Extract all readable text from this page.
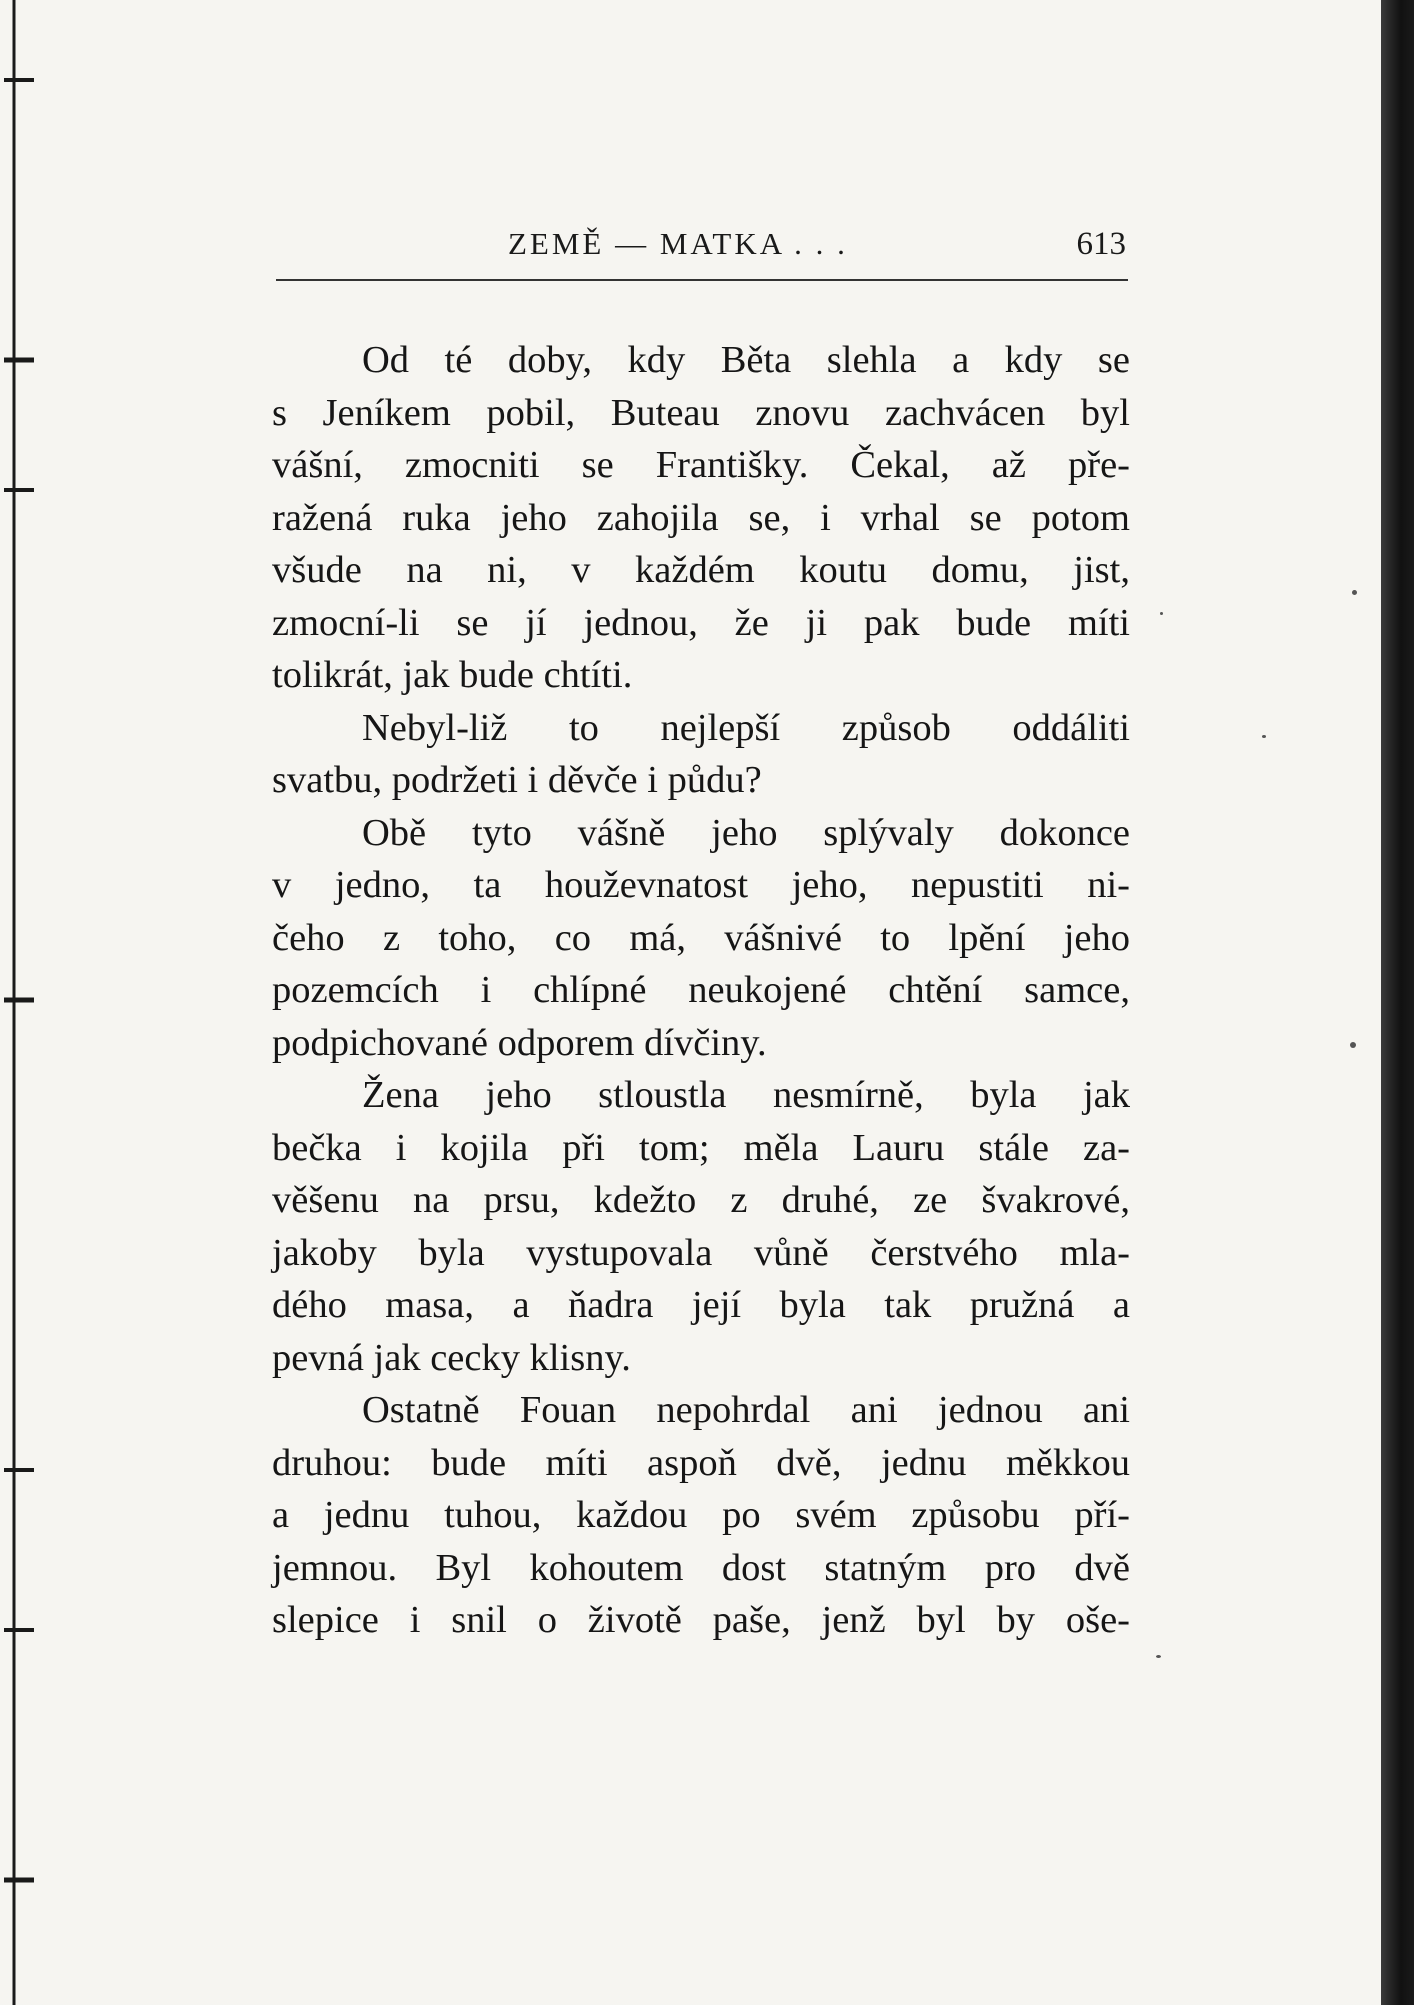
ZEMĚ — MATKA . . .	613
Od té doby, kdy Běta slehla a kdy se
s Jeníkem pobil, Buteau znovu zachvácen byl
vášní, zmocniti se Františky. Čekal, až pře-
ražená ruka jeho zahojila se, i vrhal se potom
všude na ni, v každém koutu domu, jist,
zmocní-li se jí jednou, že ji pak bude míti
tolikrát, jak bude chtíti.
Nebyl-liž to nejlepší způsob oddáliti
svatbu, podržeti i děvče i půdu?
Obě tyto vášně jeho splývaly dokonce
v jedno, ta houževnatost jeho, nepustiti ni-
čeho z toho, co má, vášnivé to lpění jeho
pozemcích i chlípné neukojené chtění samce,
podpichované odporem dívčiny.
Žena jeho stloustla nesmírně, byla jak
bečka i kojila při tom; měla Lauru stále za-
věšenu na prsu, kdežto z druhé, ze švakrové,
jakoby byla vystupovala vůně čerstvého mla-
dého masa, a ňadra její byla tak pružná a
pevná jak cecky klisny.
Ostatně Fouan nepohrdal ani jednou ani
druhou: bude míti aspoň dvě, jednu měkkou
a jednu tuhou, každou po svém způsobu pří-
jemnou. Byl kohoutem dost statným pro dvě
slepice i snil o životě paše, jenž byl by oše-
